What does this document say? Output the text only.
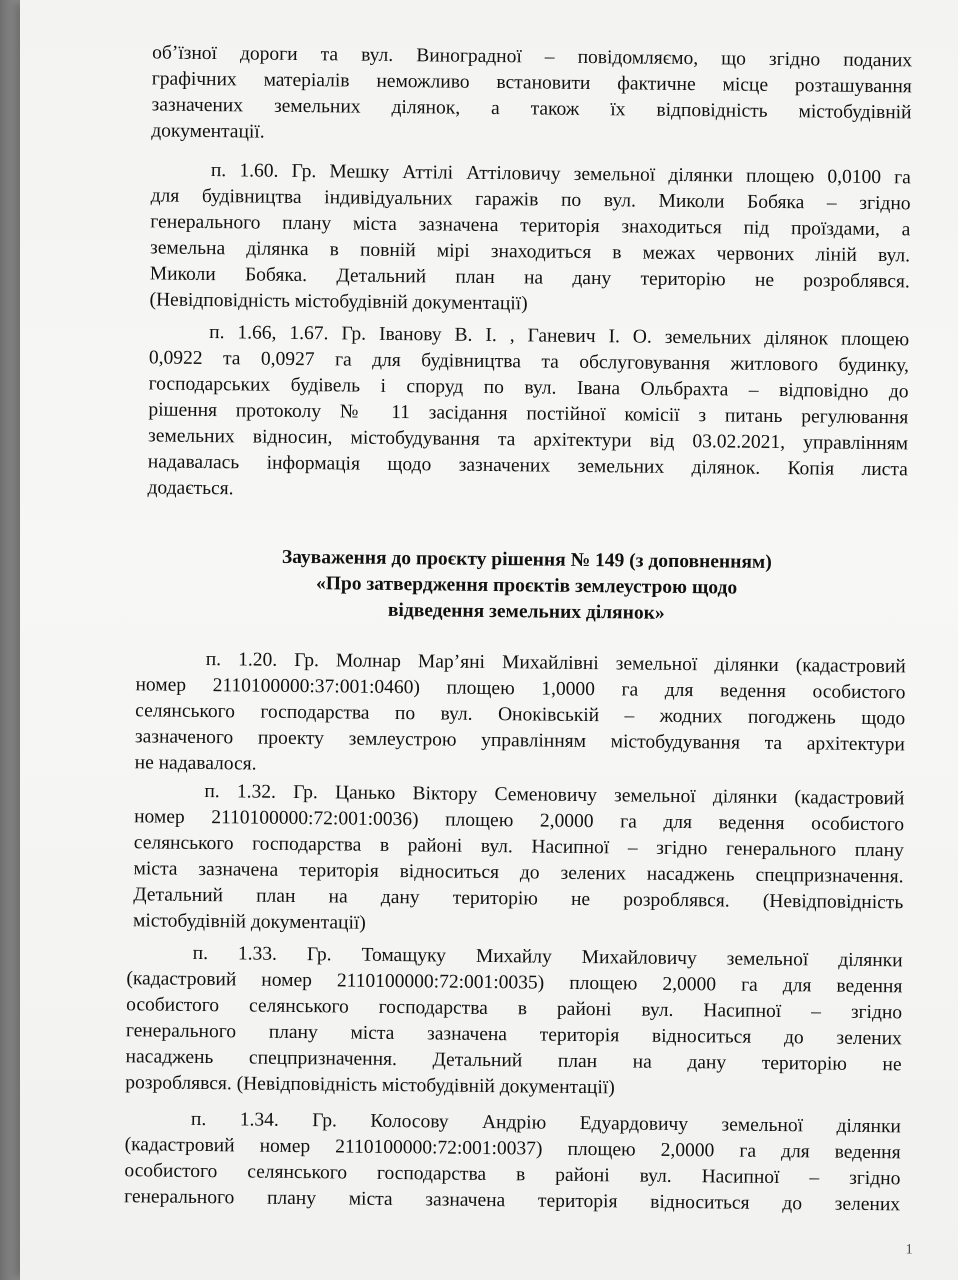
об’їзної дороги та вул. Виноградної – повідомляємо, що згідно поданих
графічних матеріалів неможливо встановити фактичне місце розташування
зазначених земельних ділянок, а також їх відповідність містобудівній
документації.
п. 1.60. Гр. Мешку Аттілі Аттіловичу земельної ділянки площею 0,0100 га
для будівництва індивідуальних гаражів по вул. Миколи Бобяка – згідно
генерального плану міста зазначена територія знаходиться під проїздами, а
земельна ділянка в повній мірі знаходиться в межах червоних ліній вул.
Миколи Бобяка. Детальний план на дану територію не розроблявся.
(Невідповідність містобудівній документації)
п. 1.66, 1.67. Гр. Іванову В. І. , Ганевич І. О. земельних ділянок площею
0,0922 та 0,0927 га для будівництва та обслуговування житлового будинку,
господарських будівель і споруд по вул. Івана Ольбрахта – відповідно до
рішення протоколу № 11 засідання постійної комісії з питань регулювання
земельних відносин, містобудування та архітектури від 03.02.2021, управлінням
надавалась інформація щодо зазначених земельних ділянок. Копія листа
додається.
Зауваження до проєкту рішення № 149 (з доповненням)
«Про затвердження проєктів землеустрою щодо
відведення земельних ділянок»
п. 1.20. Гр. Молнар Мар’яні Михайлівні земельної ділянки (кадастровий
номер 2110100000:37:001:0460) площею 1,0000 га для ведення особистого
селянського господарства по вул. Оноківській – жодних погоджень щодо
зазначеного проекту землеустрою управлінням містобудування та архітектури
не надавалося.
п. 1.32. Гр. Цанько Віктору Семеновичу земельної ділянки (кадастровий
номер 2110100000:72:001:0036) площею 2,0000 га для ведення особистого
селянського господарства в районі вул. Насипної – згідно генерального плану
міста зазначена територія відноситься до зелених насаджень спецпризначення.
Детальний план на дану територію не розроблявся. (Невідповідність
містобудівній документації)
п. 1.33. Гр. Томащуку Михайлу Михайловичу земельної ділянки
(кадастровий номер 2110100000:72:001:0035) площею 2,0000 га для ведення
особистого селянського господарства в районі вул. Насипної – згідно
генерального плану міста зазначена територія відноситься до зелених
насаджень спецпризначення. Детальний план на дану територію не
розроблявся. (Невідповідність містобудівній документації)
п. 1.34. Гр. Колосову Андрію Едуардовичу земельної ділянки
(кадастровий номер 2110100000:72:001:0037) площею 2,0000 га для ведення
особистого селянського господарства в районі вул. Насипної – згідно
генерального плану міста зазначена територія відноситься до зелених
1
